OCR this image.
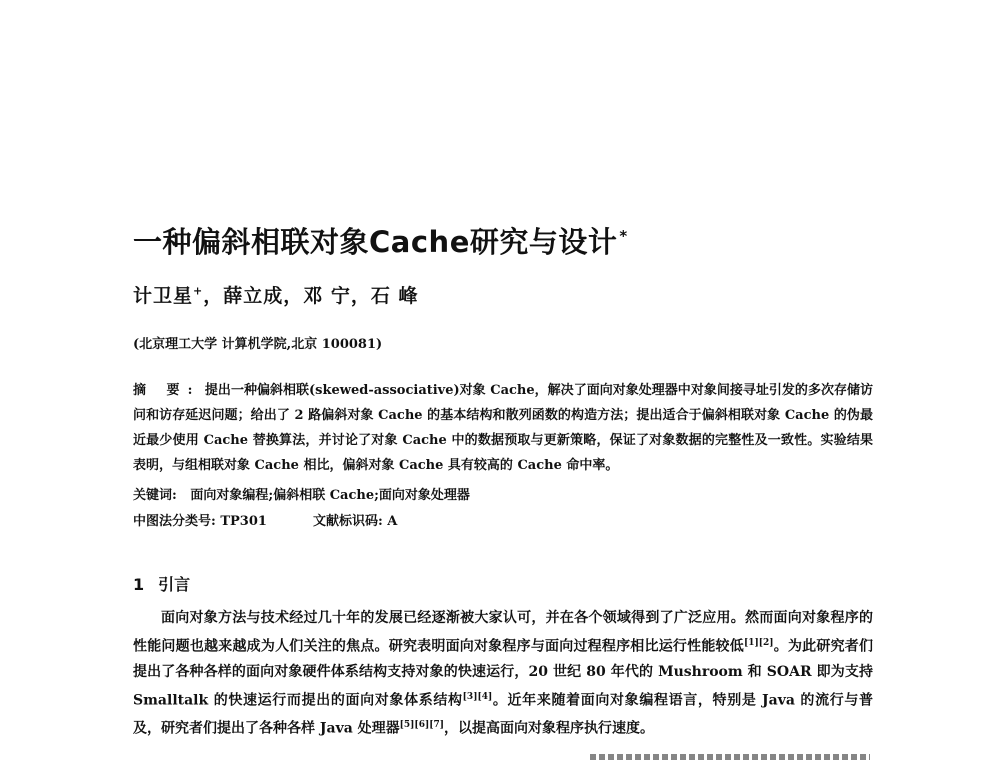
一种偏斜相联对象Cache研究与设计 *
计卫星+，薛立成，邓 宁，石 峰
(北京理工大学 计算机学院,北京 100081)
摘 要: 提出一种偏斜相联(skewed-associative)对象 Cache，解决了面向对象处理器中对象间接寻址引发的多次存储访问和访存延迟问题；给出了 2 路偏斜对象 Cache 的基本结构和散列函数的构造方法；提出适合于偏斜相联对象 Cache 的伪最近最少使用 Cache 替换算法，并讨论了对象 Cache 中的数据预取与更新策略，保证了对象数据的完整性及一致性。实验结果表明，与组相联对象 Cache 相比，偏斜对象 Cache 具有较高的 Cache 命中率。
关键词: 面向对象编程;偏斜相联 Cache;面向对象处理器
中图法分类号: TP301	文献标识码: A
1 引言
面向对象方法与技术经过几十年的发展已经逐渐被大家认可，并在各个领域得到了广泛应用。然而面向对象程序的性能问题也越来越成为人们关注的焦点。研究表明面向对象程序与面向过程程序相比运行性能较低[1][2]。为此研究者们提出了各种各样的面向对象硬件体系结构支持对象的快速运行，20 世纪 80 年代的 Mushroom 和 SOAR 即为支持 Smalltalk 的快速运行而提出的面向对象体系结构[3][4]。近年来随着面向对象编程语言，特别是 Java 的流行与普及，研究者们提出了各种各样 Java 处理器[5][6][7]，以提高面向对象程序执行速度。
